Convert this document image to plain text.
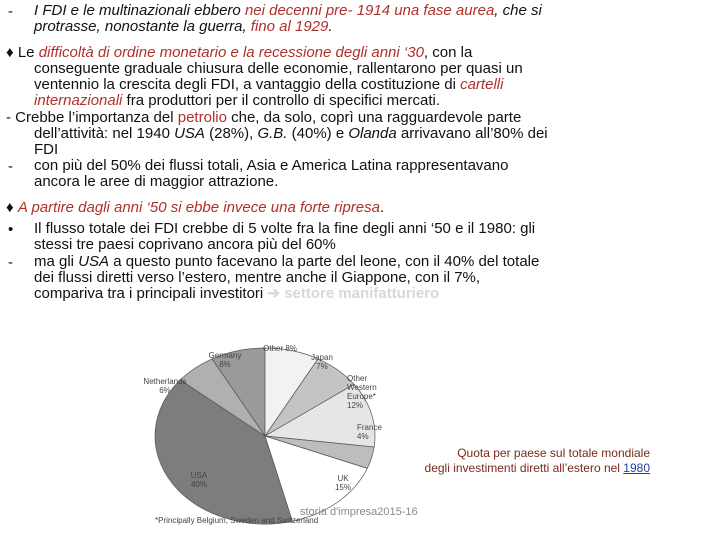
- I FDI e le multinazionali ebbero nei decenni pre- 1914 una fase aurea, che si
protrasse, nonostante la guerra, fino al 1929.

♦ Le difficoltà di ordine monetario e la recessione degli anni ‘30, con la
conseguente graduale chiusura delle economie, rallentarono per quasi un
ventennio la crescita degli FDI, a vantaggio della costituzione di cartelli
internazionali fra produttori per il controllo di specifici mercati.

- Crebbe l’importanza del petrolio che, da solo, coprì una ragguardevole parte
dell’attività: nel 1940 USA (28%), G.B. (40%) e Olanda arrivavano all’80% dei
FDI

- con più del 50% dei flussi totali, Asia e America Latina rappresentavano
ancora le aree di maggior attrazione.

♦ A partire dagli anni ‘50 si ebbe invece una forte ripresa.

• Il flusso totale dei FDI crebbe di 5 volte fra la fine degli anni ‘50 e il 1980: gli
stessi tre paesi coprivano ancora più del 60%

- ma gli USA a questo punto facevano la parte del leone, con il 40% del totale
dei flussi diretti verso l’estero, mentre anche il Giappone, con il 7%,
compariva tra i principali investitori ➔ settore manifatturiero

Germany 8%
Other 8%
Japan 7%
Other Western Europe* 12%
France 4%
UK 15%
USA 40%
Netherlands 6%
*Principally Belgium, Sweden and Switzerland
Quota per paese sul totale mondiale
degli investimenti diretti all’estero nel 1980
storia d'impresa2015-16
